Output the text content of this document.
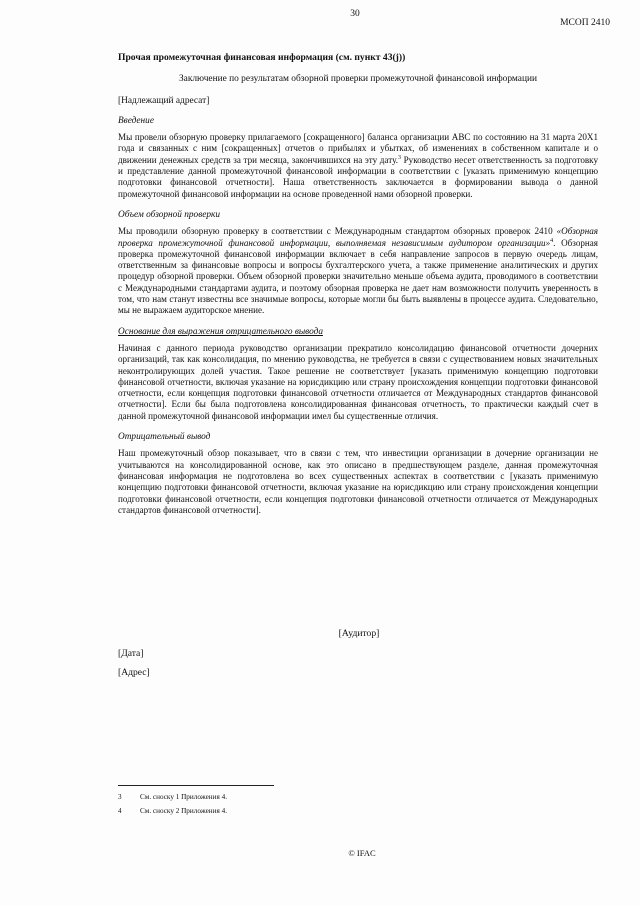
30
МСОП 2410
Прочая промежуточная финансовая информация (см. пункт 43(j))
Заключение по результатам обзорной проверки промежуточной финансовой информации
[Надлежащий адресат]
Введение

Мы провели обзорную проверку прилагаемого [сокращенного] баланса организации АВС по состоянию на 31 марта 20Х1 года и связанных с ним [сокращенных] отчетов о прибылях и убытках, об изменениях в собственном капитале и о движении денежных средств за три месяца, закончившихся на эту дату.$^3$ Руководство несет ответственность за подготовку и представление данной промежуточной финансовой информации в соответствии с [указать применимую концепцию подготовки финансовой отчетности]. Наша ответственность заключается в формировании вывода о данной промежуточной финансовой информации на основе проведенной нами обзорной проверки.

Объем обзорной проверки

Мы проводили обзорную проверку в соответствии с Международным стандартом обзорных проверок 2410 «Обзорная проверка промежуточной финансовой информации, выполняемая независимым аудитором организации»$^4$. Обзорная проверка промежуточной финансовой информации включает в себя направление запросов в первую очередь лицам, ответственным за финансовые вопросы и вопросы бухгалтерского учета, а также применение аналитических и других процедур обзорной проверки. Объем обзорной проверки значительно меньше объема аудита, проводимого в соответствии с Международными стандартами аудита, и поэтому обзорная проверка не дает нам возможности получить уверенность в том, что нам станут известны все значимые вопросы, которые могли бы быть выявлены в процессе аудита. Следовательно, мы не выражаем аудиторское мнение.

Основание для выражения отрицательного вывода

Начиная с данного периода руководство организации прекратило консолидацию финансовой отчетности дочерних организаций, так как консолидация, по мнению руководства, не требуется в связи с существованием новых значительных неконтролирующих долей участия. Такое решение не соответствует [указать применимую концепцию подготовки финансовой отчетности, включая указание на юрисдикцию или страну происхождения концепции подготовки финансовой отчетности, если концепция подготовки финансовой отчетности отличается от Международных стандартов финансовой отчетности]. Если бы была подготовлена консолидированная финансовая отчетность, то практически каждый счет в данной промежуточной финансовой информации имел бы существенные отличия.

Отрицательный вывод

Наш промежуточный обзор показывает, что в связи с тем, что инвестиции организации в дочерние организации не учитываются на консолидированной основе, как это описано в предшествующем разделе, данная промежуточная финансовая информация не подготовлена во всех существенных аспектах в соответствии с [указать применимую концепцию подготовки финансовой отчетности, включая указание на юрисдикцию или страну происхождения концепции подготовки финансовой отчетности, если концепция подготовки финансовой отчетности отличается от Международных стандартов финансовой отчетности].

[Аудитор]
[Дата]
[Адрес]
3	См. сноску 1 Приложения 4.
4	См. сноску 2 Приложения 4.
© IFAC
